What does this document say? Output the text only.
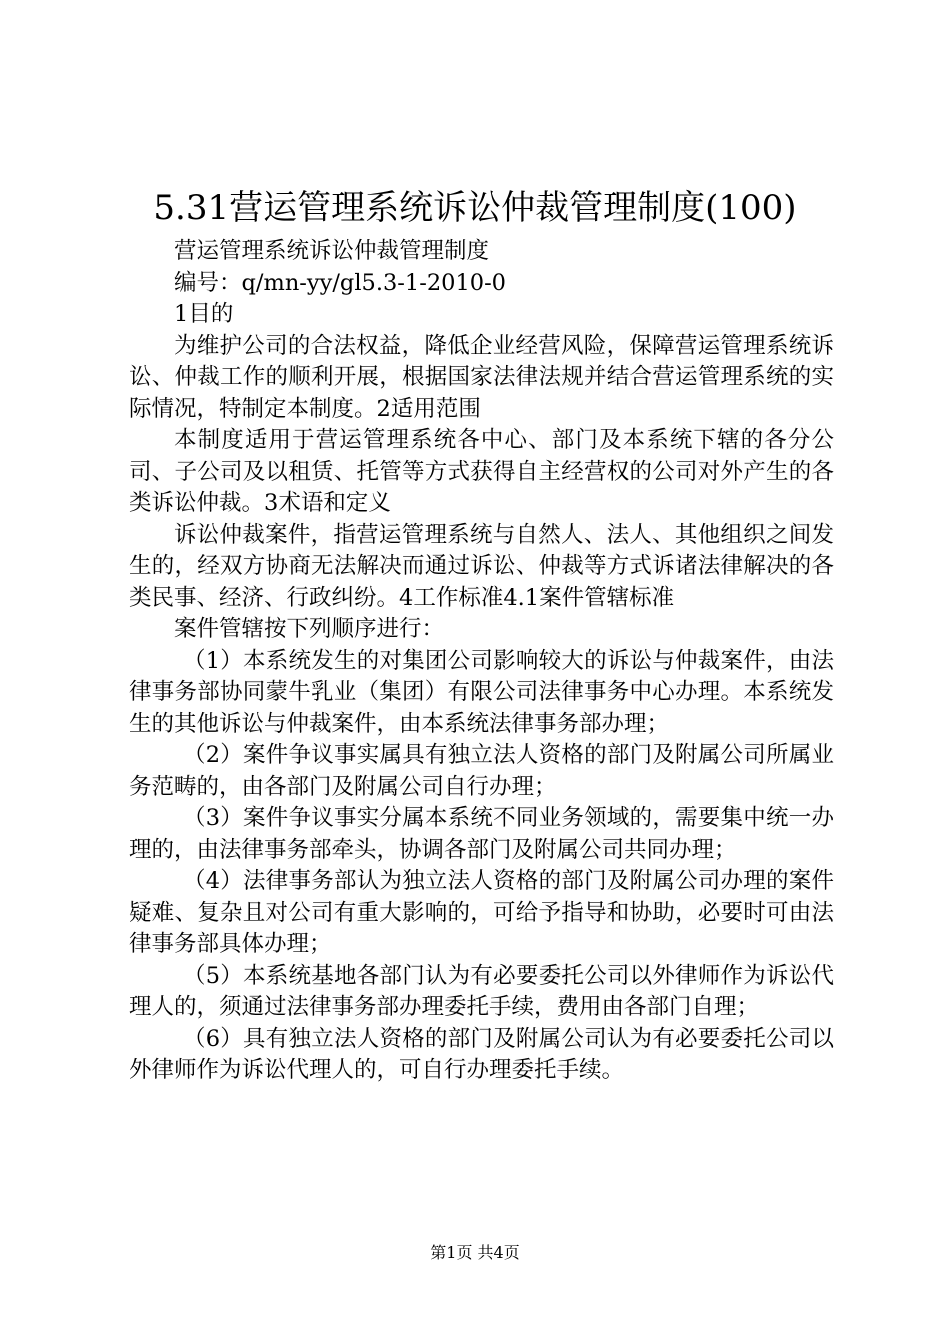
5.31营运管理系统诉讼仲裁管理制度(100)

营运管理系统诉讼仲裁管理制度

编号：q/mn-yy/gl5.3-1-2010-0

1目的

为维护公司的合法权益，降低企业经营风险，保障营运管理系统诉讼、仲裁工作的顺利开展，根据国家法律法规并结合营运管理系统的实际情况，特制定本制度。2适用范围

本制度适用于营运管理系统各中心、部门及本系统下辖的各分公司、子公司及以租赁、托管等方式获得自主经营权的公司对外产生的各类诉讼仲裁。3术语和定义

诉讼仲裁案件，指营运管理系统与自然人、法人、其他组织之间发生的，经双方协商无法解决而通过诉讼、仲裁等方式诉诸法律解决的各类民事、经济、行政纠纷。4工作标准4.1案件管辖标准

案件管辖按下列顺序进行：

（1）本系统发生的对集团公司影响较大的诉讼与仲裁案件，由法律事务部协同蒙牛乳业（集团）有限公司法律事务中心办理。本系统发生的其他诉讼与仲裁案件，由本系统法律事务部办理；

（2）案件争议事实属具有独立法人资格的部门及附属公司所属业务范畴的，由各部门及附属公司自行办理；

（3）案件争议事实分属本系统不同业务领域的，需要集中统一办理的，由法律事务部牵头，协调各部门及附属公司共同办理；

（4）法律事务部认为独立法人资格的部门及附属公司办理的案件疑难、复杂且对公司有重大影响的，可给予指导和协助，必要时可由法律事务部具体办理；

（5）本系统基地各部门认为有必要委托公司以外律师作为诉讼代理人的，须通过法律事务部办理委托手续，费用由各部门自理；

（6）具有独立法人资格的部门及附属公司认为有必要委托公司以外律师作为诉讼代理人的，可自行办理委托手续。

第1页 共4页
